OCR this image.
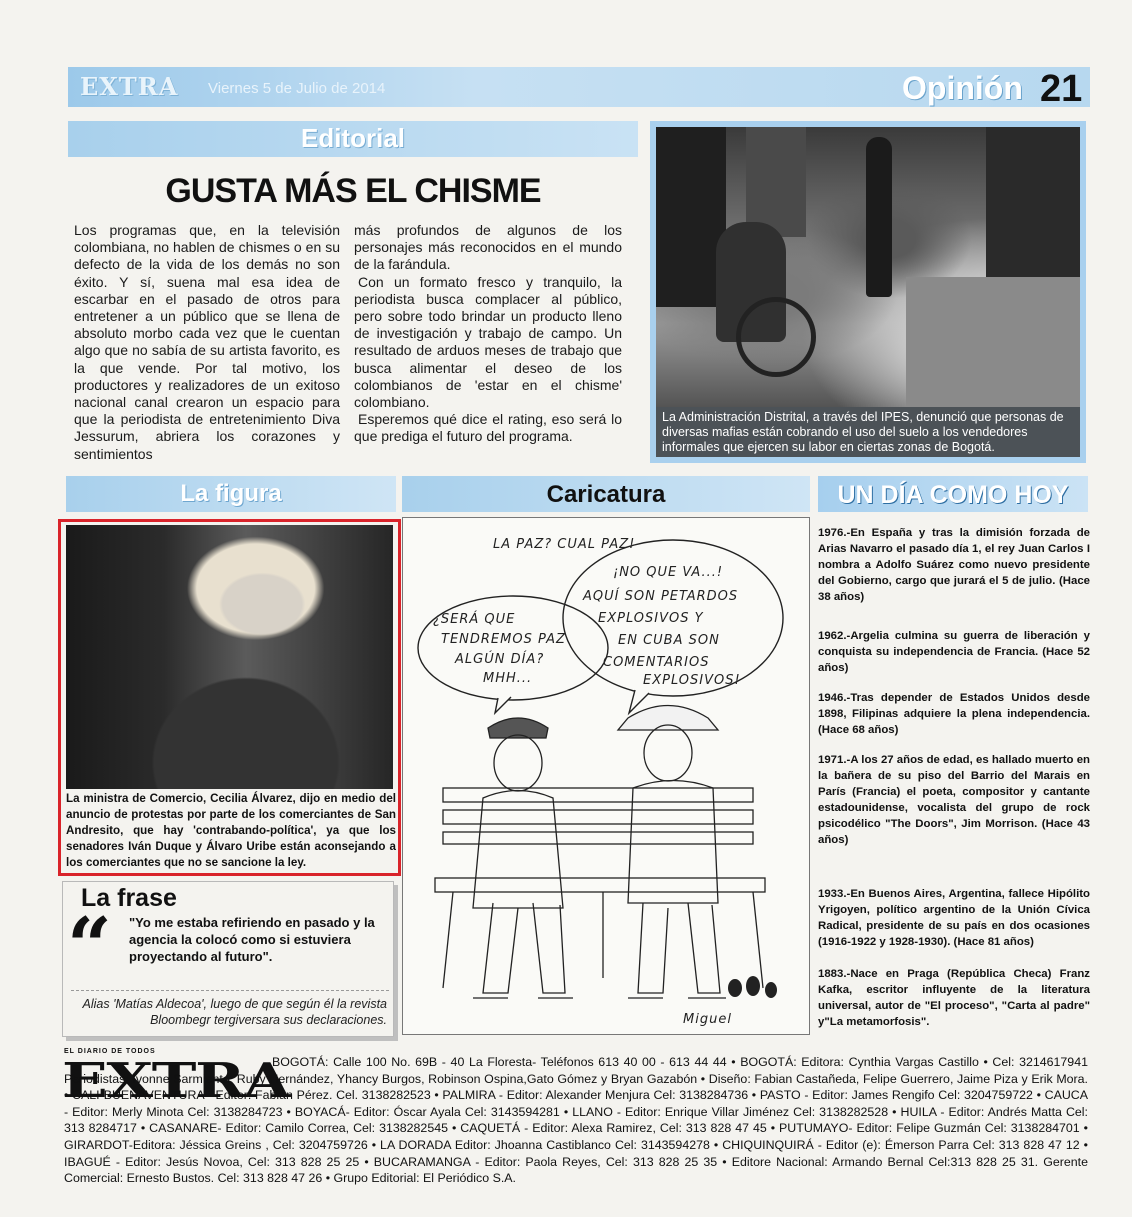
EXTRA Viernes 5 de Julio de 2014	Opinión 21
Editorial
GUSTA MÁS EL CHISME

Los programas que, en la televisión colombiana, no hablen de chismes o en su defecto de la vida de los demás no son éxito. Y sí, suena mal esa idea de escarbar en el pasado de otros para entretener a un público que se llena de absoluto morbo cada vez que le cuentan algo que no sabía de su artista favorito, es la que vende. Por tal motivo, los productores y realizadores de un exitoso nacional canal crearon un espacio para que la periodista de entretenimiento Diva Jessurum, abriera los corazones y sentimientos

más profundos de algunos de los personajes más reconocidos en el mundo de la farándula.

Con un formato fresco y tranquilo, la periodista busca complacer al público, pero sobre todo brindar un producto lleno de investigación y trabajo de campo. Un resultado de arduos meses de trabajo que busca alimentar el deseo de los colombianos de 'estar en el chisme' colombiano.

Esperemos qué dice el rating, eso será lo que prediga el futuro del programa.

La Administración Distrital, a través del IPES, denunció que personas de diversas mafias están cobrando el uso del suelo a los vendedores informales que ejercen su labor en ciertas zonas de Bogotá.
La figura	Caricatura	UN DÍA COMO HOY
La ministra de Comercio, Cecilia Álvarez, dijo en medio del anuncio de protestas por parte de los comerciantes de San Andresito, que hay 'contrabando-política', ya que los senadores Iván Duque y Álvaro Uribe están aconsejando a los comerciantes que no se sancione la ley.
La frase
“ "Yo me estaba refiriendo en pasado y la agencia la colocó como si estuviera proyectando al futuro".
Alias 'Matías Aldecoa', luego de que según él la revista Bloombegr tergiversara sus declaraciones.
LA PAZ? CUAL PAZ!
¿SERÁ QUE
TENDREMOS PAZ
ALGÚN DÍA?
MHH...
¡NO QUE VA...!
AQUÍ SON PETARDOS
EXPLOSIVOS Y
EN CUBA SON
COMENTARIOS
EXPLOSIVOS!
Miguel
1976.-En España y tras la dimisión forzada de Arias Navarro el pasado día 1, el rey Juan Carlos I nombra a Adolfo Suárez como nuevo presidente del Gobierno, cargo que jurará el 5 de julio. (Hace 38 años)
1962.-Argelia culmina su guerra de liberación y conquista su independencia de Francia. (Hace 52 años)
1946.-Tras depender de Estados Unidos desde 1898, Filipinas adquiere la plena independencia. (Hace 68 años)
1971.-A los 27 años de edad, es hallado muerto en la bañera de su piso del Barrio del Marais en París (Francia) el poeta, compositor y cantante estadounidense, vocalista del grupo de rock psicodélico "The Doors", Jim Morrison. (Hace 43 años)
1933.-En Buenos Aires, Argentina, fallece Hipólito Yrigoyen, político argentino de la Unión Cívica Radical, presidente de su país en dos ocasiones (1916-1922 y 1928-1930). (Hace 81 años)
1883.-Nace en Praga (República Checa) Franz Kafka, escritor influyente de la literatura universal, autor de "El proceso", "Carta al padre" y"La metamorfosis".
EL DIARIO DE TODOS
EXTRA
BOGOTÁ: Calle 100 No. 69B - 40 La Floresta- Teléfonos 613 40 00 - 613 44 44 • BOGOTÁ: Editora: Cynthia Vargas Castillo • Cel: 3214617941 Periodistas: Ivonne Sarmiento, Ruby Hernández, Yhancy Burgos, Robinson Ospina,Gato Gómez y Bryan Gazabón • Diseño: Fabian Castañeda, Felipe Guerrero, Jaime Piza y Erik Mora. • CALI-BUENAVENTURA - Editor: Fabián Pérez. Cel. 3138282523 • PALMIRA - Editor: Alexander Menjura Cel: 3138284736 • PASTO - Editor: James Rengifo Cel: 3204759722 • CAUCA - Editor: Merly Minota Cel: 3138284723 • BOYACÁ- Editor: Óscar Ayala Cel: 3143594281 • LLANO - Editor: Enrique Villar Jiménez Cel: 3138282528 • HUILA - Editor: Andrés Matta Cel: 313 8284717 • CASANARE- Editor: Camilo Correa, Cel: 3138282545 • CAQUETÁ - Editor: Alexa Ramirez, Cel: 313 828 47 45 • PUTUMAYO- Editor: Felipe Guzmán Cel: 3138284701 • GIRARDOT-Editora: Jéssica Greins , Cel: 3204759726 • LA DORADA Editor: Jhoanna Castiblanco Cel: 3143594278 • CHIQUINQUIRÁ - Editor (e): Émerson Parra Cel: 313 828 47 12 • IBAGUÉ - Editor: Jesús Novoa, Cel: 313 828 25 25 • BUCARAMANGA - Editor: Paola Reyes, Cel: 313 828 25 35 • Editore Nacional: Armando Bernal Cel:313 828 25 31. Gerente Comercial: Ernesto Bustos. Cel: 313 828 47 26 • Grupo Editorial: El Periódico S.A.
